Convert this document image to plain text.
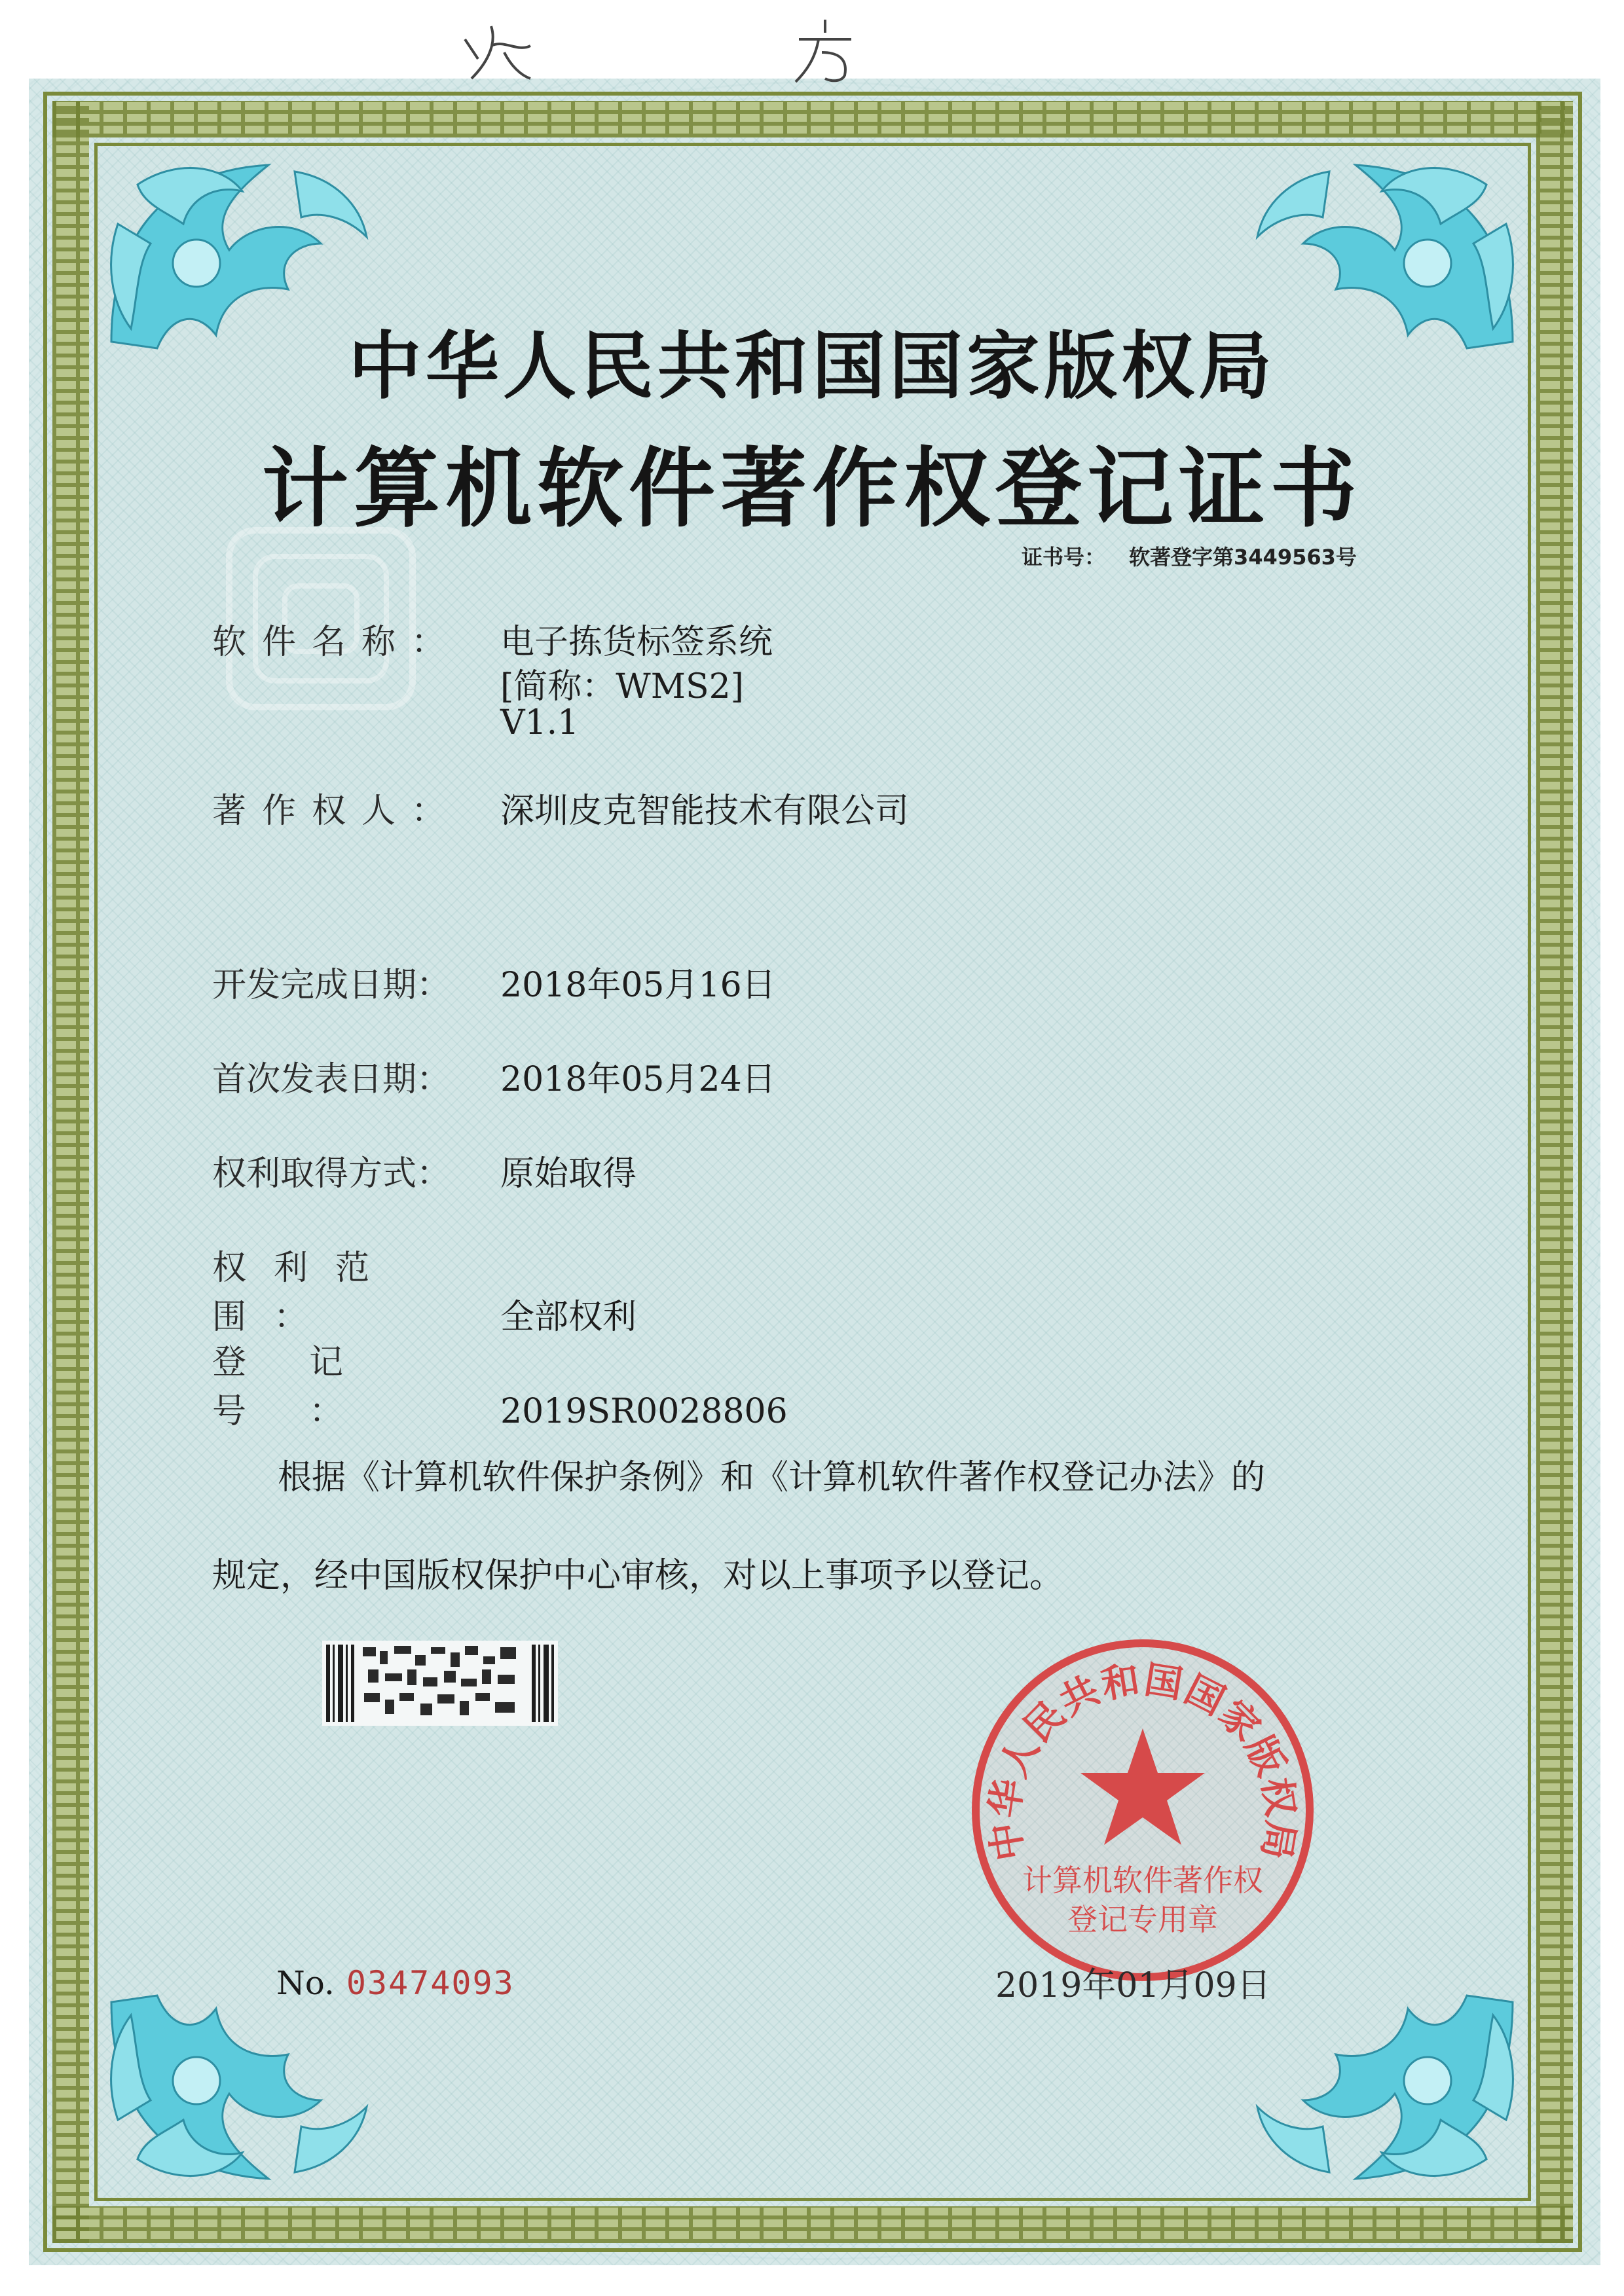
中华人民共和国国家版权局
计算机软件著作权登记证书
证书号： 软著登字第3449563号
软件名称： 电子拣货标签系统
[简称：WMS2]
V1.1
著作权人： 深圳皮克智能技术有限公司
开发完成日期： 2018年05月16日
首次发表日期： 2018年05月24日
权利取得方式： 原始取得
权利范围：	全部权利
登记号：	2019SR0028806
根据《计算机软件保护条例》和《计算机软件著作权登记办法》的
规定，经中国版权保护中心审核，对以上事项予以登记。
中华人民共和国国家版权局
计算机软件著作权
登记专用章
No. 03474093	2019年01月09日
